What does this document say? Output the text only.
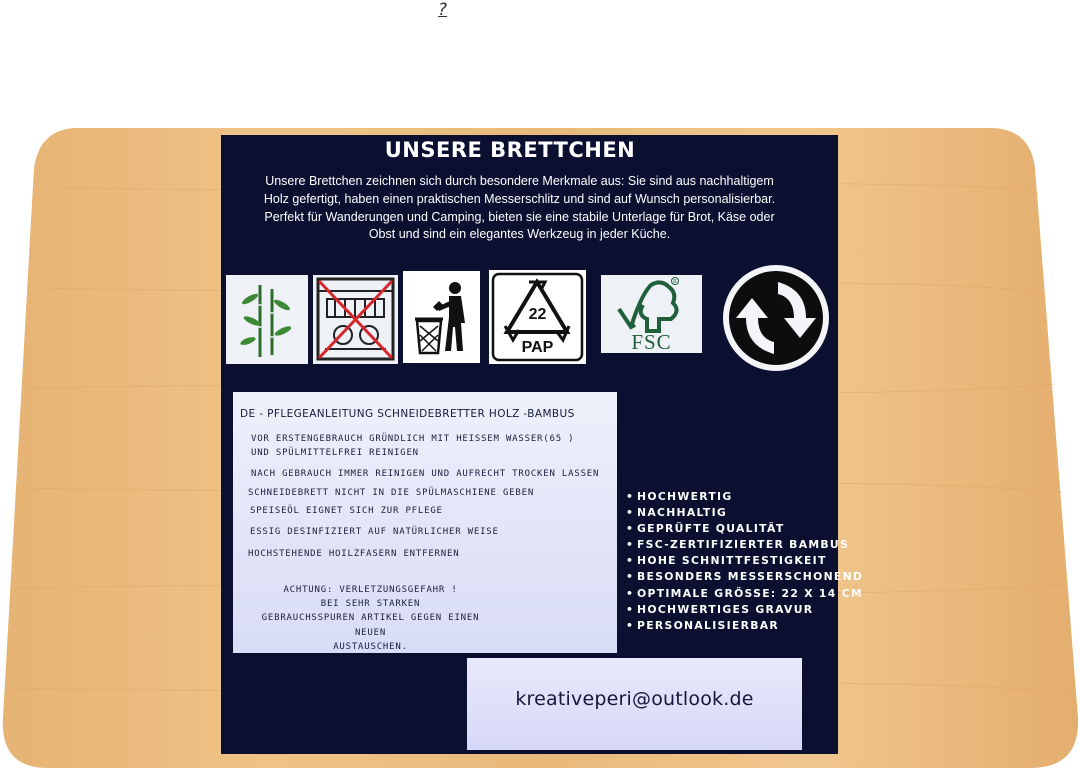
?
UNSERE BRETTCHEN
Unsere Brettchen zeichnen sich durch besondere Merkmale aus: Sie sind aus nachhaltigem Holz gefertigt, haben einen praktischen Messerschlitz und sind auf Wunsch personalisierbar. Perfekt für Wanderungen und Camping, bieten sie eine stabile Unterlage für Brot, Käse oder Obst und sind ein elegantes Werkzeug in jeder Küche.
22
PAP
R
FSC
DE - PFLEGEANLEITUNG SCHNEIDEBRETTER HOLZ -BAMBUS
VOR ERSTENGEBRAUCH GRÜNDLICH MIT HEISSEM WASSER(65 )
UND SPÜLMITTELFREI REINIGEN
NACH GEBRAUCH IMMER REINIGEN UND AUFRECHT TROCKEN LASSEN
SCHNEIDEBRETT NICHT IN DIE SPÜLMASCHIENE GEBEN
SPEISEÖL EIGNET SICH ZUR PFLEGE
ESSIG DESINFIZIERT AUF NATÜRLICHER WEISE
HOCHSTEHENDE HOILZFASERN ENTFERNEN
ACHTUNG: VERLETZUNGSGEFAHR !
BEI SEHR STARKEN
GEBRAUCHSSPUREN ARTIKEL GEGEN EINEN
NEUEN
AUSTAUSCHEN.
• HOCHWERTIG
• NACHHALTIG
• GEPRÜFTE QUALITÄT
• FSC-ZERTIFIZIERTER BAMBUS
• HOHE SCHNITTFESTIGKEIT
• BESONDERS MESSERSCHONEND
• OPTIMALE GRÖSSE: 22 X 14 CM
• HOCHWERTIGES GRAVUR
• PERSONALISIERBAR
kreativeperi@outlook.de
